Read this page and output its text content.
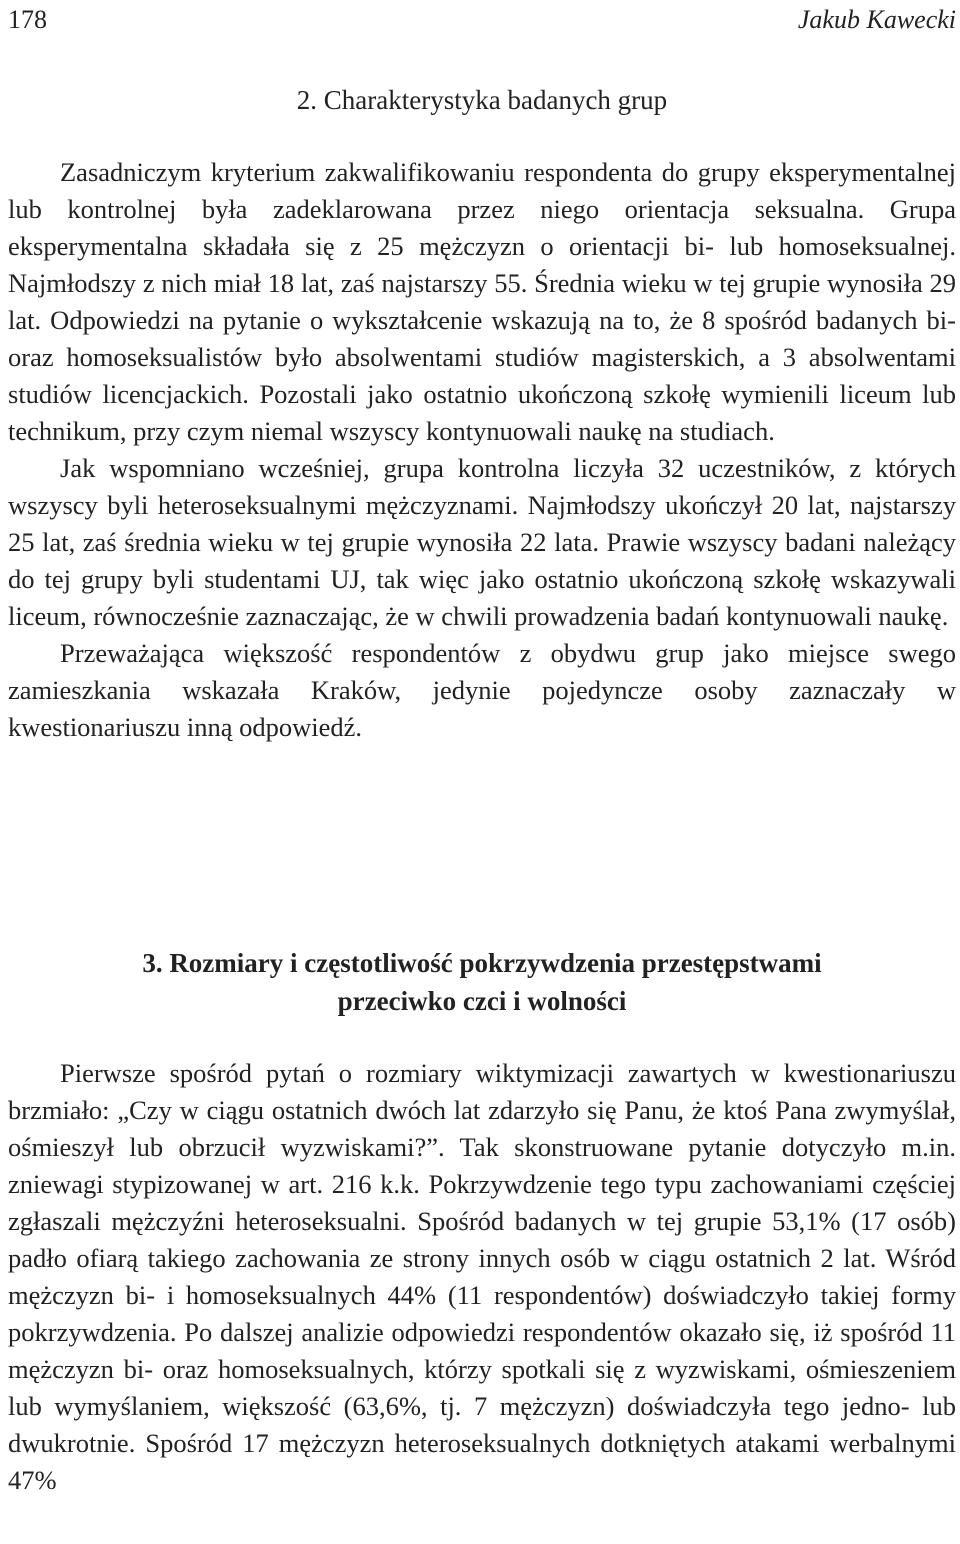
178	Jakub Kawecki
2. Charakterystyka badanych grup

Zasadniczym kryterium zakwalifikowaniu respondenta do grupy eksperymentalnej lub kontrolnej była zadeklarowana przez niego orientacja seksualna. Grupa eksperymentalna składała się z 25 mężczyzn o orientacji bi- lub homoseksualnej. Najmłodszy z nich miał 18 lat, zaś najstarszy 55. Średnia wieku w tej grupie wynosiła 29 lat. Odpowiedzi na pytanie o wykształcenie wskazują na to, że 8 spośród badanych bi- oraz homoseksualistów było absolwentami studiów magisterskich, a 3 absolwentami studiów licencjackich. Pozostali jako ostatnio ukończoną szkołę wymienili liceum lub technikum, przy czym niemal wszyscy kontynuowali naukę na studiach.

Jak wspomniano wcześniej, grupa kontrolna liczyła 32 uczestników, z których wszyscy byli heteroseksualnymi mężczyznami. Najmłodszy ukończył 20 lat, najstarszy 25 lat, zaś średnia wieku w tej grupie wynosiła 22 lata. Prawie wszyscy badani należący do tej grupy byli studentami UJ, tak więc jako ostatnio ukończoną szkołę wskazywali liceum, równocześnie zaznaczając, że w chwili prowadzenia badań kontynuowali naukę.

Przeważająca większość respondentów z obydwu grup jako miejsce swego zamieszkania wskazała Kraków, jedynie pojedyncze osoby zaznaczały w kwestionariuszu inną odpowiedź.

3. Rozmiary i częstotliwość pokrzywdzenia przestępstwami
przeciwko czci i wolności

Pierwsze spośród pytań o rozmiary wiktymizacji zawartych w kwestionariuszu brzmiało: „Czy w ciągu ostatnich dwóch lat zdarzyło się Panu, że ktoś Pana zwymyślał, ośmieszył lub obrzucił wyzwiskami?”. Tak skonstruowane pytanie dotyczyło m.in. zniewagi stypizowanej w art. 216 k.k. Pokrzywdzenie tego typu zachowaniami częściej zgłaszali mężczyźni heteroseksualni. Spośród badanych w tej grupie 53,1% (17 osób) padło ofiarą takiego zachowania ze strony innych osób w ciągu ostatnich 2 lat. Wśród mężczyzn bi- i homoseksualnych 44% (11 respondentów) doświadczyło takiej formy pokrzywdzenia. Po dalszej analizie odpowiedzi respondentów okazało się, iż spośród 11 mężczyzn bi- oraz homoseksualnych, którzy spotkali się z wyzwiskami, ośmieszeniem lub wymyślaniem, większość (63,6%, tj. 7 mężczyzn) doświadczyła tego jedno- lub dwukrotnie. Spośród 17 mężczyzn heteroseksualnych dotkniętych atakami werbalnymi 47%
